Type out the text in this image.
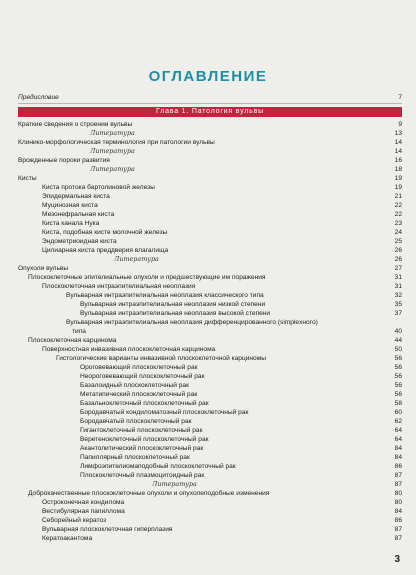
ОГЛАВЛЕНИЕ
Глава 1. Патология вульвы
Предисловие	7
Краткие сведения о строении вульвы	9
Литература	13
Клинико-морфологическая терминология при патологии вульвы	14
Литература	14
Врожденные пороки развития	16
Литература	18
Кисты	19
Киста протока бартолиновой железы	19
Эпидермальная киста	21
Муцинозная киста	22
Мезонефральная киста	22
Киста канала Нука	23
Киста, подобная кисте молочной железы	24
Эндометриоидная киста	25
Цилиарная киста преддверия влагалища	26
Литература	26
Опухоли вульвы	27
Плоскоклеточные эпителиальные опухоли и предшествующие им поражения	31
Плоскоклеточная интраэпителиальная неоплазия	31
Вульварная интраэпителиальная неоплазия классического типа	32
Вульварная интраэпителиальная неоплазия низкой степени	35
Вульварная интраэпителиальная неоплазия высокой степени	37
Вульварная интраэпителиальная неоплазия дифференцированного (simplexного)
типа	40
Плоскоклеточная карцинома	44
Поверхностная инвазивная плоскоклеточная карцинома	50
Гистологические варианты инвазивной плоскоклеточной карциномы	56
Ороговевающий плоскоклеточный рак	56
Неороговевающий плоскоклеточный рак	56
Базалоидный плоскоклеточный рак	56
Метатипический плоскоклеточный рак	56
Базальноклеточный плоскоклеточный рак	58
Бородавчатый кондиломатозный плоскоклеточный рак	60
Бородавчатый плоскоклеточный рак	62
Гигантоклеточный плоскоклеточный рак	64
Веретеноклеточный плоскоклеточный рак	64
Акантолитический плоскоклеточный рак	84
Папиллярный плоскоклеточный рак	84
Лимфоэпителиомаподобный плоскоклеточный рак	86
Плоскоклеточный плазмоцитоидный рак	87
Литература	87
Доброкачественные плоскоклеточные опухоли и опухолеподобные изменения	80
Остроконечная кондилома	80
Вестибулярная папиллома	84
Себорейный кератоз	86
Вульварная плоскоклеточная гиперплазия	87
Кератоакантома	87
3
